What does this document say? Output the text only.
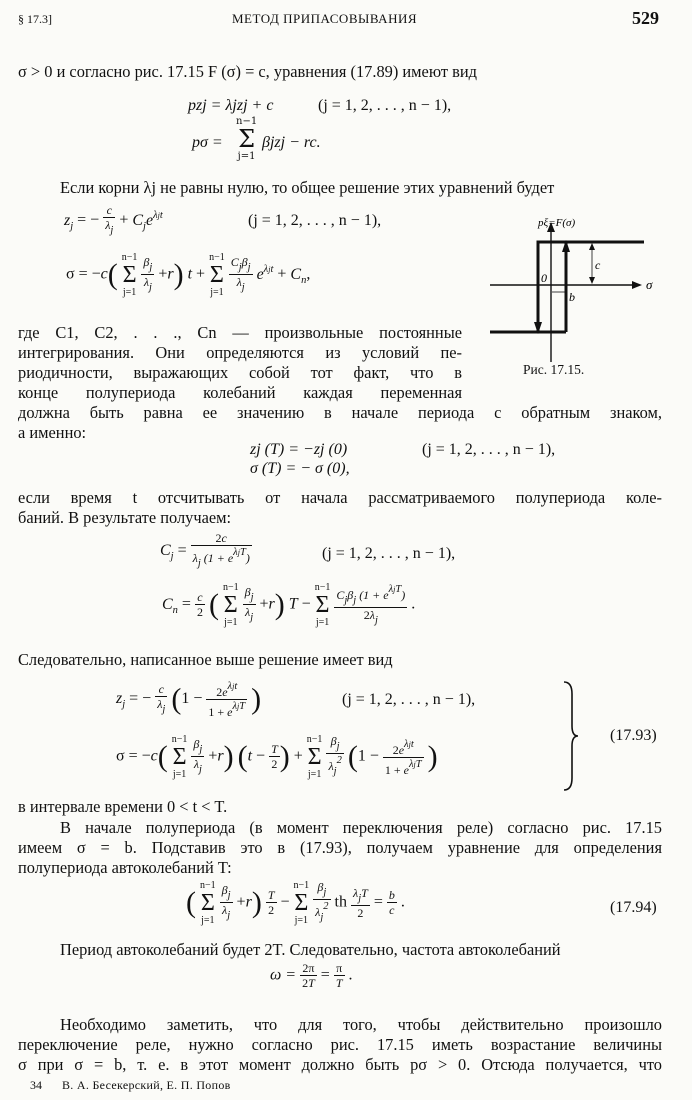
§ 17.3]	МЕТОД ПРИПАСОВЫВАНИЯ	529
σ > 0 и согласно рис. 17.15 F (σ) = c, уравнения (17.89) имеют вид
pzj = λjzj + c	(j = 1, 2, . . . , n − 1),
pσ =
n−1
Σ
j=1
βjzj − rc.
Если корни λj не равны нулю, то общее решение этих уравнений будет
$z_j$ = − $\frac{c}{\lambda j} + C_je^{\lambda jt}$	(j = 1, 2, . . . , n − 1),
σ = −c(
n−1
Σ
j=1
$\frac{\beta j}{\lambda j} +r$) t +
n−1
Σ
j=1
$\frac{\text{Cjβj}}{\lambda j} e^{\lambda jt} + C_n$,
c
b
0
pξ=F(σ)
σ
Рис. 17.15.
где C1, C2, . . ., Cn — произвольные постоянные
интегрирования. Они определяются из условий пе-
риодичности, выражающих собой тот факт, что в
конце полупериода колебаний каждая переменная
должна быть равна ее значению в начале периода с обратным знаком,
а именно:
zj (T) = −zj (0)	(j = 1, 2, . . . , n − 1),
σ (T) = − σ (0),
если время t отсчитывать от начала рассматриваемого полупериода коле-
баний. В результате получаем:
$C_j = \frac{2c}{\text{λj (1 + eλjT)}}$	(j = 1, 2, . . . , n − 1),
$C_n = \frac{c}{2}$ (
n−1
Σ
j=1
$\frac{\beta j}{\lambda j} +r$) T −
n−1
Σ
j=1
$\frac{\text{Cjβj (1 + eλjT)}}{2\lambda j}$ .
Следовательно, написанное выше решение имеет вид
$z_j$ = − $\frac{c}{\lambda j} (1 - \frac{\text{2eλjt}}{\text{1 + eλjT}}$ )	(j = 1, 2, . . . , n − 1),
σ = −c(
n−1
Σ
j=1
$\frac{\beta j}{\lambda j} +r$) ($t - \frac{T}{2}$ ) +
n−1
Σ
j=1
$\frac{\beta j}{\lambda j2} (1 - \frac{\text{2eλjt}}{\text{1 + eλjT}}$ )
(17.93)
в интервале времени 0 < t < T.
В начале полупериода (в момент переключения реле) согласно рис. 17.15
имеем σ = b. Подставив это в (17.93), получаем уравнение для определения
полупериода автоколебаний T:
(
n−1
Σ
j=1
$\frac{\beta j}{\lambda j} +r) \frac{T}{2}$ −
n−1
Σ
j=1
$\frac{\beta j}{\lambda j2}$ th $\frac{\text{λjT}}{2} = \frac{b}{c}$ .	(17.94)
Период автоколебаний будет 2T. Следовательно, частота автоколебаний
$\omega = \frac{2\pi}{2T} = \frac{\pi}{T}$ .
Необходимо заметить, что для того, чтобы действительно произошло
переключение реле, нужно согласно рис. 17.15 иметь возрастание величины
σ при σ = b, т. е. в этот момент должно быть pσ > 0. Отсюда получается, что
34 В. А. Бесекерский, Е. П. Попов
